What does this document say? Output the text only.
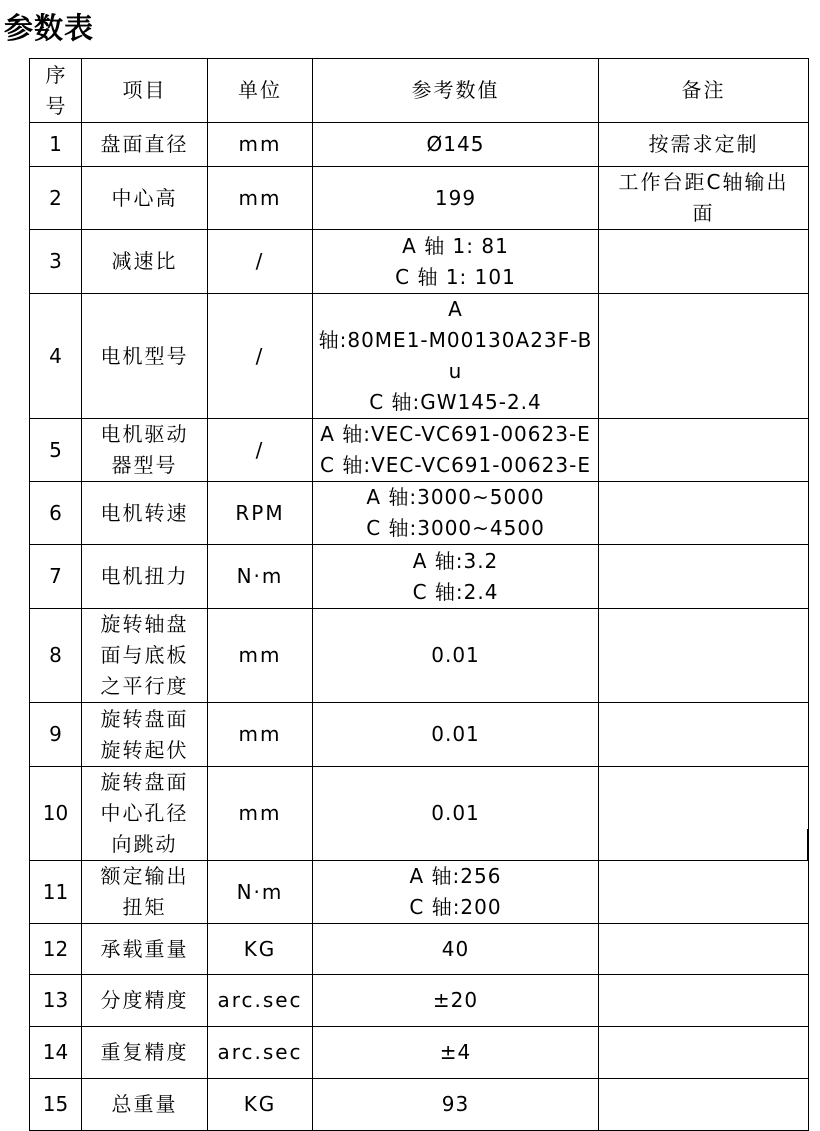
参数表
序
号	项目	单位	参考数值	备注
1	盘面直径	mm	Ø145	按需求定制
2	中心高	mm	199	工作台距C轴输出
面
3	减速比	/	A 轴 1: 81
C 轴 1: 101	
4	电机型号	/	A
轴:80ME1-M00130A23F-Bu
C 轴:GW145-2.4	
5	电机驱动
器型号	/	A 轴:VEC-VC691-00623-E
C 轴:VEC-VC691-00623-E	
6	电机转速	RPM	A 轴:3000~5000
C 轴:3000~4500	
7	电机扭力	N·m	A 轴:3.2
C 轴:2.4	
8	旋转轴盘
面与底板
之平行度	mm	0.01	
9	旋转盘面
旋转起伏	mm	0.01	
10	旋转盘面
中心孔径
向跳动	mm	0.01	
11	额定输出
扭矩	N·m	A 轴:256
C 轴:200	
12	承载重量	KG	40	
13	分度精度	arc.sec	±20	
14	重复精度	arc.sec	±4	
15	总重量	KG	93	
